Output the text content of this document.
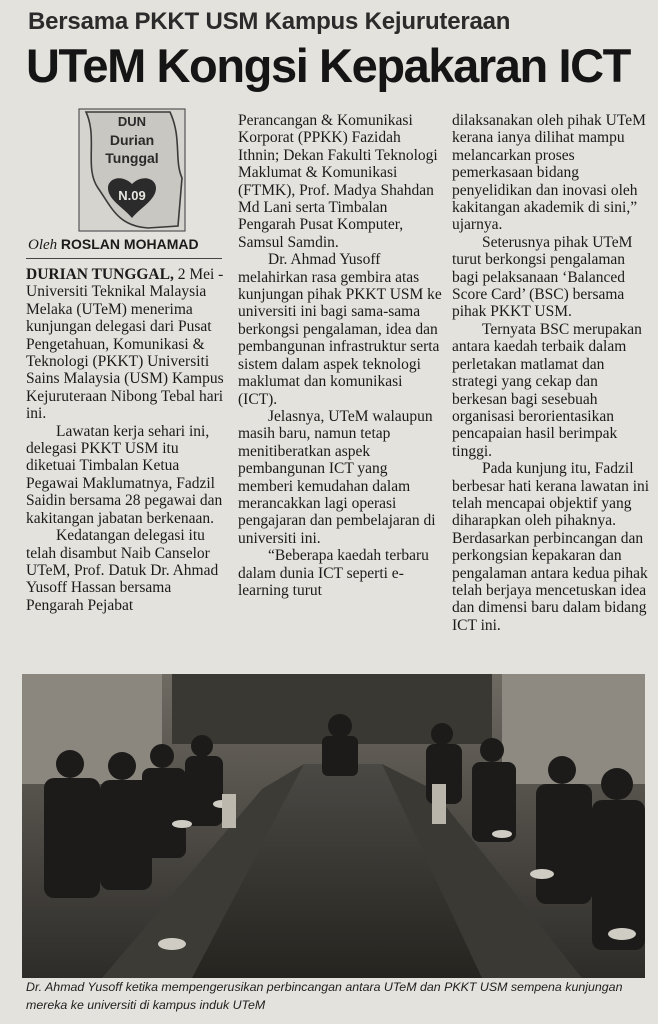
Bersama PKKT USM Kampus Kejuruteraan
UTeM Kongsi Kepakaran ICT
DUN
Durian
Tunggal
N.09
Oleh ROSLAN MOHAMAD

DURIAN TUNGGAL, 2 Mei - Universiti Teknikal Malaysia Melaka (UTeM) menerima kunjungan delegasi dari Pusat Pengetahuan, Komunikasi & Teknologi (PKKT) Universiti Sains Malaysia (USM) Kampus Kejuruteraan Nibong Tebal hari ini.

Lawatan kerja sehari ini, delegasi PKKT USM itu diketuai Timbalan Ketua Pegawai Maklumatnya, Fadzil Saidin bersama 28 pegawai dan kakitangan jabatan berkenaan.

Kedatangan delegasi itu telah disambut Naib Canselor UTeM, Prof. Datuk Dr. Ahmad Yusoff Hassan bersama Pengarah Pejabat

Perancangan & Komunikasi Korporat (PPKK) Fazidah Ithnin; Dekan Fakulti Teknologi Maklumat & Komunikasi (FTMK), Prof. Madya Shahdan Md Lani serta Timbalan Pengarah Pusat Komputer, Samsul Samdin.

Dr. Ahmad Yusoff melahirkan rasa gembira atas kunjungan pihak PKKT USM ke universiti ini bagi sama-sama berkongsi pengalaman, idea dan pembangunan infrastruktur serta sistem dalam aspek teknologi maklumat dan komunikasi (ICT).

Jelasnya, UTeM walaupun masih baru, namun tetap menitiberatkan aspek pembangunan ICT yang memberi kemudahan dalam merancakkan lagi operasi pengajaran dan pembelajaran di universiti ini.

“Beberapa kaedah terbaru dalam dunia ICT seperti e-learning turut

dilaksanakan oleh pihak UTeM kerana ianya dilihat mampu melancarkan proses pemerkasaan bidang penyelidikan dan inovasi oleh kakitangan akademik di sini,” ujarnya.

Seterusnya pihak UTeM turut berkongsi pengalaman bagi pelaksanaan ‘Balanced Score Card’ (BSC) bersama pihak PKKT USM.

Ternyata BSC merupakan antara kaedah terbaik dalam perletakan matlamat dan strategi yang cekap dan berkesan bagi sesebuah organisasi berorientasikan pencapaian hasil berimpak tinggi.

Pada kunjung itu, Fadzil berbesar hati kerana lawatan ini telah mencapai objektif yang diharapkan oleh pihaknya. Berdasarkan perbincangan dan perkongsian kepakaran dan pengalaman antara kedua pihak telah berjaya mencetuskan idea dan dimensi baru dalam bidang ICT ini.

Dr. Ahmad Yusoff ketika mempengerusikan perbincangan antara UTeM dan PKKT USM sempena kunjungan mereka ke universiti di kampus induk UTeM
